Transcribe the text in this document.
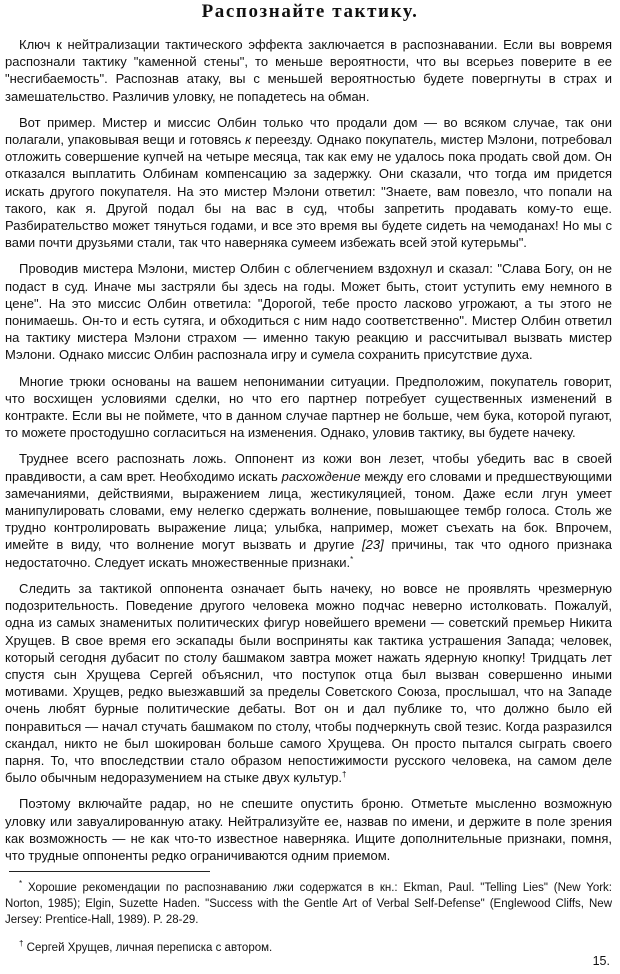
Распознайте тактику.

Ключ к нейтрализации тактического эффекта заключается в распознавании. Если вы вовремя распознали тактику "каменной стены", то меньше вероятности, что вы всерьез поверите в ее "несгибаемость". Распознав атаку, вы с меньшей вероятностью будете повергнуты в страх и замешательство. Различив уловку, не попадетесь на обман.

Вот пример. Мистер и миссис Олбин только что продали дом — во всяком случае, так они полагали, упаковывая вещи и готовясь к переезду. Однако покупатель, мистер Мэлони, потребовал отложить совершение купчей на четыре месяца, так как ему не удалось пока продать свой дом. Он отказался выплатить Олбинам компенсацию за задержку. Они сказали, что тогда им придется искать другого покупателя. На это мистер Мэлони ответил: "Знаете, вам повезло, что попали на такого, как я. Другой подал бы на вас в суд, чтобы запретить продавать кому-то еще. Разбирательство может тянуться годами, и все это время вы будете сидеть на чемоданах! Но мы с вами почти друзьями стали, так что наверняка сумеем избежать всей этой кутерьмы".

Проводив мистера Мэлони, мистер Олбин с облегчением вздохнул и сказал: "Слава Богу, он не подаст в суд. Иначе мы застряли бы здесь на годы. Может быть, стоит уступить ему немного в цене". На это миссис Олбин ответила: "Дорогой, тебе просто ласково угрожают, а ты этого не понимаешь. Он-то и есть сутяга, и обходиться с ним надо соответственно". Мистер Олбин ответил на тактику мистера Мэлони страхом — именно такую реакцию и рассчитывал вызвать мистер Мэлони. Однако миссис Олбин распознала игру и сумела сохранить присутствие духа.

Многие трюки основаны на вашем непонимании ситуации. Предположим, покупатель говорит, что восхищен условиями сделки, но что его партнер потребует существенных изменений в контракте. Если вы не поймете, что в данном случае партнер не больше, чем бука, которой пугают, то можете простодушно согласиться на изменения. Однако, уловив тактику, вы будете начеку.

Труднее всего распознать ложь. Оппонент из кожи вон лезет, чтобы убедить вас в своей правдивости, а сам врет. Необходимо искать расхождение между его словами и предшествующими замечаниями, действиями, выражением лица, жестикуляцией, тоном. Даже если лгун умеет манипулировать словами, ему нелегко сдержать волнение, повышающее тембр голоса. Столь же трудно контролировать выражение лица; улыбка, например, может съехать на бок. Впрочем, имейте в виду, что волнение могут вызвать и другие [23] причины, так что одного признака недостаточно. Следует искать множественные признаки.*

Следить за тактикой оппонента означает быть начеку, но вовсе не проявлять чрезмерную подозрительность. Поведение другого человека можно подчас неверно истолковать. Пожалуй, одна из самых знаменитых политических фигур новейшего времени — советский премьер Никита Хрущев. В свое время его эскапады были восприняты как тактика устрашения Запада; человек, который сегодня дубасит по столу башмаком завтра может нажать ядерную кнопку! Тридцать лет спустя сын Хрущева Сергей объяснил, что поступок отца был вызван совершенно иными мотивами. Хрущев, редко выезжавший за пределы Советского Союза, прослышал, что на Западе очень любят бурные политические дебаты. Вот он и дал публике то, что должно было ей понравиться — начал стучать башмаком по столу, чтобы подчеркнуть свой тезис. Когда разразился скандал, никто не был шокирован больше самого Хрущева. Он просто пытался сыграть своего парня. То, что впоследствии стало образом непостижимости русского человека, на самом деле было обычным недоразумением на стыке двух культур.†

Поэтому включайте радар, но не спешите опустить броню. Отметьте мысленно возможную уловку или завуалированную атаку. Нейтрализуйте ее, назвав по имени, и держите в поле зрения как возможность — не как что-то известное наверняка. Ищите дополнительные признаки, помня, что трудные оппоненты редко ограничиваются одним приемом.

* Хорошие рекомендации по распознаванию лжи содержатся в кн.: Ekman, Paul. "Telling Lies" (New York: Norton, 1985); Elgin, Suzette Haden. "Success with the Gentle Art of Verbal Self-Defense" (Englewood Cliffs, New Jersey: Prentice-Hall, 1989). P. 28-29.

† Сергей Хрущев, личная переписка с автором.

15.
